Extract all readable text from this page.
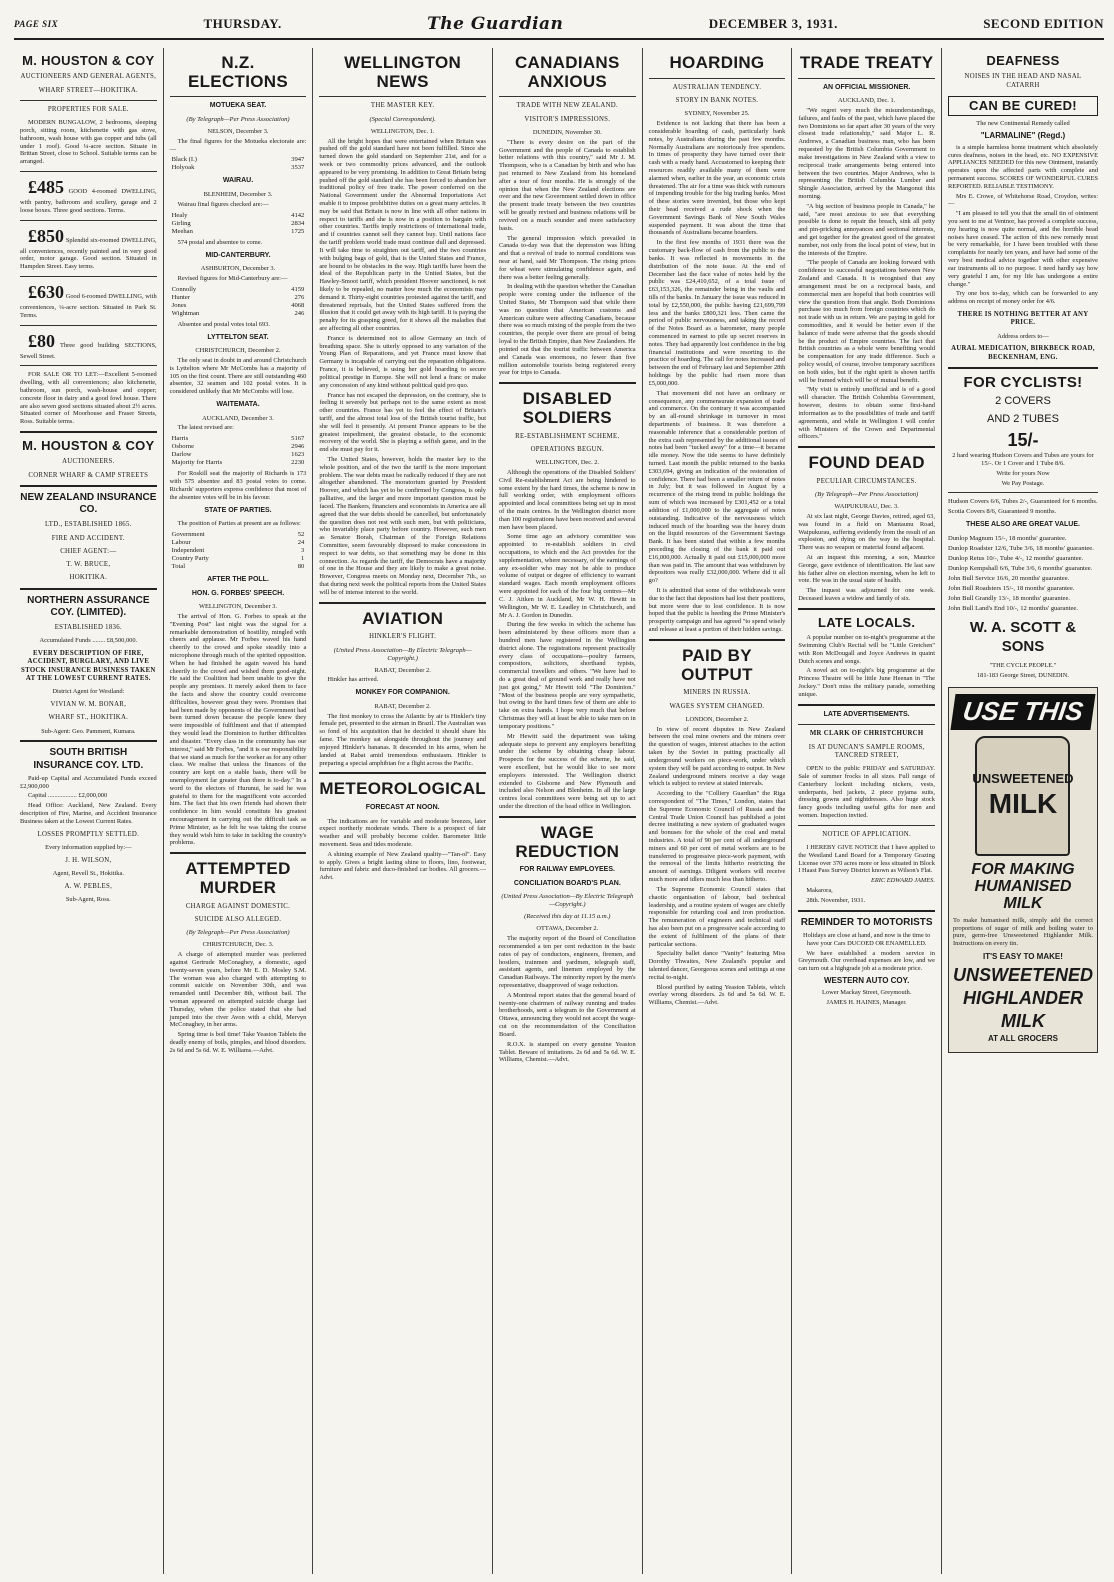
PAGE SIX	THURSDAY.	The Guardian	DECEMBER 3, 1931.	SECOND EDITION
M. HOUSTON & COY
AUCTIONEERS AND GENERAL AGENTS,
WHARF STREET—HOKITIKA.
PROPERTIES FOR SALE.

MODERN BUNGALOW, 2 bedrooms, sleeping porch, sitting room, kitchenette with gas stove, bathroom, wash house with gas copper and tubs (all under 1 roof). Good ¼-acre section. Situate in Brittan Street, close to School. Suitable terms can be arranged.

£485 GOOD 4-roomed DWELLING, with pantry, bathroom and scullery, garage and 2 loose boxes. Three good sections. Terms.

£850 Splendid six-roomed DWELLING, all conveniences, recently painted and in very good order, motor garage. Good section. Situated in Hampden Street. Easy terms.

£630 Good 6-roomed DWELLING, with conveniences, ¼-acre section. Situated in Park St. Terms.

£80 Three good building SECTIONS, Sewell Street.

FOR SALE OR TO LET:—Excellent 5-roomed dwelling, with all conveniences; also kitchenette, bathroom, sun porch, wash-house and copper; concrete floor in dairy and a good fowl house. There are also seven good sections situated about 2½ acres. Situated corner of Moorhouse and Fraser Streets, Ross. Suitable terms.

M. HOUSTON & COY
AUCTIONEERS.
CORNER WHARF & CAMP STREETS
NEW ZEALAND INSURANCE CO.
LTD., ESTABLISHED 1865.
FIRE AND ACCIDENT.
CHIEF AGENT:—
T. W. BRUCE,
HOKITIKA.
NORTHERN ASSURANCE COY. (LIMITED).
ESTABLISHED 1836.

Accumulated Funds ........ £8,500,000.

EVERY DESCRIPTION OF FIRE, ACCIDENT, BURGLARY, AND LIVE STOCK INSURANCE BUSINESS TAKEN AT THE LOWEST CURRENT RATES.

District Agent for Westland:

VIVIAN W. M. BONAR,
WHARF ST., HOKITIKA.

Sub-Agent: Geo. Pamment, Kumara.

SOUTH BRITISH INSURANCE COY. LTD.

Paid-up Capital and Accumulated Funds exceed £2,900,000

Capital .................. £2,000,000

Head Office: Auckland, New Zealand. Every description of Fire, Marine, and Accident Insurance Business taken at the Lowest Current Rates.

LOSSES PROMPTLY SETTLED.

Every information supplied by:—

J. H. WILSON,

Agent, Revell St., Hokitika.

A. W. PEBLES,

Sub-Agent, Ross.

N.Z. ELECTIONS
MOTUEKA SEAT.
(By Telegraph—Per Press Association)

NELSON, December 3.

The final figures for the Motueka electorate are:—

Black (I.)	3947
Holyoak	3537
WAIRAU.

BLENHEIM, December 3.

Wairau final figures checked are:—

Healy	4142
Girling	2834
Meehan	1725

574 postal and absentee to come.

MID-CANTERBURY.

ASHBURTON, December 3.

Revised figures for Mid-Canterbury are:—

Connolly	4159
Hunter	276
Jones	4068
Wightman	246

Absentee and postal votes total 693.

LYTTELTON SEAT.

CHRISTCHURCH, December 2.

The only seat in doubt in and around Christchurch is Lyttelton where Mr McCombs has a majority of 105 on the first count. There are still outstanding 460 absentee, 32 seamen and 102 postal votes. It is considered unlikely that Mr McCombs will lose.

WAITEMATA.

AUCKLAND, December 3.

The latest revised are:

Harris	5167
Osborne	2946
Darlow	1623
Majority for Harris	2230

For Roskill seat the majority of Richards is 173 with 575 absentee and 83 postal votes to come. Richards' supporters express confidence that most of the absentee votes will be in his favour.

STATE OF PARTIES.

The position of Parties at present are as follows:

Government	52
Labour	24
Independent	3
Country Party	1
Total	80
AFTER THE POLL.
HON. G. FORBES' SPEECH.

WELLINGTON, December 3.

The arrival of Hon. G. Forbes to speak at the "Evening Post" last night was the signal for a remarkable demonstration of hostility, mingled with cheers and applause. Mr Forbes waved his hand cheerily to the crowd and spoke steadily into a microphone through much of the spirited opposition. When he had finished he again waved his hand cheerily to the crowd and wished them good-night. He said the Coalition had been unable to give the people any promises. It merely asked them to face the facts and show the country could overcome difficulties, however great they were. Promises that had been made by opponents of the Government had been turned down because the people knew they were impossible of fulfilment and that if attempted they would lead the Dominion to further difficulties and disaster. "Every class in the community has our interest," said Mr Forbes, "and it is our responsibility that we stand as much for the worker as for any other class. We realise that unless the finances of the country are kept on a stable basis, there will be unemployment far greater than there is to-day." In a word to the electors of Hurunui, he said he was grateful to them for the magnificent vote accorded him. The fact that his own friends had shown their confidence in him would constitute his greatest encouragement in carrying out the difficult task as Prime Minister, as he felt he was taking the course they would wish him to take in tackling the country's problems.

ATTEMPTED MURDER
CHARGE AGAINST DOMESTIC.
SUICIDE ALSO ALLEGED.
(By Telegraph—Per Press Association)

CHRISTCHURCH, Dec. 3.

A charge of attempted murder was preferred against Gertrude McConaghey, a domestic, aged twenty-seven years, before Mr E. D. Mosley S.M. The woman was also charged with attempting to commit suicide on November 30th, and was remanded until December 8th, without bail. The woman appeared on attempted suicide charge last Thursday, when the police stated that she had jumped into the river Avon with a child, Mervyn McConaghey, in her arms.

Spring time is boil time! Take Yeaston Tablets the deadly enemy of boils, pimples, and blood disorders. 2s 6d and 5s 6d. W. E. Williams.—Advt.

WELLINGTON NEWS
THE MASTER KEY.
(Special Correspondent).

WELLINGTON, Dec. 1.

All the bright hopes that were entertained when Britain was pushed off the gold standard have not been fulfilled. Since she turned down the gold standard on September 21st, and for a week or two commodity prices advanced, and the outlook appeared to be very promising. In addition to Great Britain being pushed off the gold standard she has been forced to abandon her traditional policy of free trade. The power conferred on the National Government under the Abnormal Importations Act enable it to impose prohibitive duties on a great many articles. It may be said that Britain is now in line with all other nations in respect to tariffs and she is now in a position to bargain with other countries. Tariffs imply restrictions of international trade, and if countries cannot sell they cannot buy. Until nations face the tariff problem world trade must continue dull and depressed. It will take time to straighten out tariff, and the two countries with bulging bags of gold, that is the United States and France, are bound to be obstacles in the way. High tariffs have been the ideal of the Republican party in the United States, but the Hawley-Smoot tariff, which president Hoover sanctioned, is not likely to be repealed, no matter how much the economists may demand it. Thirty-eight countries protested against the tariff, and threatened reprisals, but the United States suffered from the illusion that it could get away with its high tariff. It is paying the penalty for its grasping greed, for it shows all the maladies that are affecting all other countries.

France is determined not to allow Germany an inch of breathing space. She is utterly opposed to any variation of the Young Plan of Reparations, and yet France must know that Germany is incapable of carrying out the reparation obligations. France, it is believed, is using her gold hoarding to secure political prestige in Europe. She will not lend a franc or make any concession of any kind without political quid pro quo.

France has not escaped the depression, on the contrary, she is feeling it severely but perhaps not to the same extent as most other countries. France has yet to feel the effect of Britain's tariff, and the almost total loss of the British tourist traffic, but she will feel it presently. At present France appears to be the greatest impediment, the greatest obstacle, to the economic recovery of the world. She is playing a selfish game, and in the end she must pay for it.

The United States, however, holds the master key to the whole position, and of the two the tariff is the more important problem. The war debts must be radically reduced if they are not altogether abandoned. The moratorium granted by President Hoover, and which has yet to be confirmed by Congress, is only palliative, and the larger and more important question must be faced. The Bankers, financiers and economists in America are all agreed that the war debts should be cancelled, but unfortunately the question does not rest with such men, but with politicians, who invariably place party before country. However, such men as Senator Borah, Chairman of the Foreign Relations Committee, seem favourably disposed to make concessions in respect to war debts, so that something may be done in this connection. As regards the tariff, the Democrats have a majority of one in the House and they are likely to make a great noise. However, Congress meets on Monday next, December 7th., so that during next week the political reports from the United States will be of intense interest to the world.

AVIATION
HINKLER'S FLIGHT.
(United Press Association—By Electric Telegraph—Copyright.)

RABAT, December 2.

Hinkler has arrived.

MONKEY FOR COMPANION.

RABAT, December 2.

The first monkey to cross the Atlantic by air is Hinkler's tiny female pet, presented to the airman in Brazil. The Australian was so fond of his acquisition that he decided it should share his fame. The monkey sat alongside throughout the journey and enjoyed Hinkler's bananas. It descended in his arms, when he landed at Rabat amid tremendous enthusiasm. Hinkler is preparing a special amphibian for a flight across the Pacific.

METEOROLOGICAL
FORECAST AT NOON.

The indications are for variable and moderate breezes, later expect northerly moderate winds. There is a prospect of fair weather and will probably become colder. Barometer little movement. Seas and tides moderate.

A shining example of New Zealand quality—"Tan-ol". Easy to apply. Gives a bright lasting shine to floors, lino, footwear, furniture and fabric and duco-finished car bodies. All grocers.—Advt.

CANADIANS ANXIOUS
TRADE WITH NEW ZEALAND.
VISITOR'S IMPRESSIONS.

DUNEDIN, November 30.

"There is every desire on the part of the Government and the people of Canada to establish better relations with this country," said Mr J. M. Thompson, who is a Canadian by birth and who has just returned to New Zealand from his homeland after a tour of four months. He is strongly of the opinion that when the New Zealand elections are over and the new Government settled down in office the present trade treaty between the two countries will be greatly revised and business relations will be revived on a much sounder and more satisfactory basis.

The general impression which prevailed in Canada to-day was that the depression was lifting and that a revival of trade to normal conditions was near at hand, said Mr Thompson. The rising prices for wheat were stimulating confidence again, and there was a better feeling generally.

In dealing with the question whether the Canadian people were coming under the influence of the United States, Mr Thompson said that while there was no question that American customs and American culture were affecting Canadians, because there was so much mixing of the people from the two countries, the people over there are proud of being loyal to the British Empire, than New Zealanders. He pointed out that the tourist traffic between America and Canada was enormous, no fewer than five million automobile tourists being registered every year for trips to Canada.

DISABLED SOLDIERS
RE-ESTABLISHMENT SCHEME.
OPERATIONS BEGUN.

WELLINGTON, Dec. 2.

Although the operations of the Disabled Soldiers' Civil Re-establishment Act are being hindered to some extent by the hard times, the scheme is now in full working order, with employment officers appointed and local committees being set up in most of the main centres. In the Wellington district more than 100 registrations have been received and several men have been placed.

Some time ago an advisory committee was appointed to re-establish soldiers in civil occupations, to which end the Act provides for the supplementation, where necessary, of the earnings of any ex-soldier who may not be able to produce volume of output or degree of efficiency to warrant standard wages. Each month employment officers were appointed for each of the four big centres—Mr C. J. Aitken in Auckland, Mr W. H. Hewitt in Wellington, Mr W. E. Leadley in Christchurch, and Mr A. J. Gordon in Dunedin.

During the few weeks in which the scheme has been administered by these officers more than a hundred men have registered in the Wellington district alone. The registrations represent practically every class of occupations—poultry farmers, compositors, solicitors, shorthand typists, commercial travellers and others. "We have had to do a great deal of ground work and really have not just got going," Mr Hewitt told "The Dominion." "Most of the business people are very sympathetic, but owing to the hard times few of them are able to take on extra hands. I hope very much that before Christmas they will at least be able to take men on in temporary positions."

Mr Hewitt said the department was taking adequate steps to prevent any employers benefiting under the scheme by obtaining cheap labour. Prospects for the success of the scheme, he said, were excellent, but he would like to see more employers interested. The Wellington district extended to Gisborne and New Plymouth and included also Nelson and Blenheim. In all the large centres local committees were being set up to act under the direction of the head office in Wellington.

WAGE REDUCTION
FOR RAILWAY EMPLOYEES.
CONCILIATION BOARD'S PLAN.
(United Press Association—By Electric Telegraph—Copyright.)
(Received this day at 11.15 a.m.)

OTTAWA, December 2.

The majority report of the Board of Conciliation recommended a ten per cent reduction in the basic rates of pay of conductors, engineers, firemen, and hostlers, trainmen and yardmen, telegraph staff, assistant agents, and linemen employed by the Canadian Railways. The minority report by the men's representative, disapproved of wage reduction.

A Montreal report states that the general board of twenty-one chairmen of railway running and trades brotherhoods, sent a telegram to the Government at Ottawa, announcing they would not accept the wage-cut on the recommendation of the Conciliation Board.

R.O.X. is stamped on every genuine Yeaston Tablet. Beware of imitations. 2s 6d and 5s 6d. W. E. Williams, Chemist.—Advt.

HOARDING
AUSTRALIAN TENDENCY.
STORY IN BANK NOTES.

SYDNEY, November 25.

Evidence is not lacking that there has been a considerable hoarding of cash, particularly bank notes, by Australians during the past few months. Normally Australians are notoriously free spenders. In times of prosperity they have turned over their cash with a ready hand. Accustomed to keeping their resources readily available many of them were alarmed when, earlier in the year, an economic crisis threatened. The air for a time was thick with rumours of impending trouble for the big trading banks. Most of these stories were invented, but those who kept their head received a rude shock when the Government Savings Bank of New South Wales suspended payment. It was about the time that thousands of Australians became hoarders.

In the first few months of 1931 there was the customary back-flow of cash from the public to the banks. It was reflected in movements in the distribution of the note issue. At the end of December last the face value of notes held by the public was £24,410,652, of a total issue of £63,153,326, the remainder being in the vaults and tills of the banks. In January the issue was reduced in total by £2,550,000, the public having £21,699,799 less and the banks £800,321 less. Then came the period of public nervousness, and taking the record of the Notes Board as a barometer, many people commenced in earnest to pile up secret reserves in notes. They had apparently lost confidence in the big financial institutions and were resorting to the practice of hoarding. The call for notes increased and between the end of February last and September 28th holdings by the public had risen more than £5,000,000.

That movement did not have an ordinary or consequence, any commensurate expansion of trade and commerce. On the contrary it was accompanied by an all-round shrinkage in turnover in most departments of business. It was therefore a reasonable inference that a considerable portion of the extra cash represented by the additional issues of notes had been "tucked away" for a time—it became idle money. Now the tide seems to have definitely turned. Last month the public returned to the banks £303,694, giving an indication of the restoration of confidence. There had been a smaller return of notes in July; but it was followed in August by a recurrence of the rising trend in public holdings the sum of which was increased by £301,452 or a total addition of £1,000,000 to the aggregate of notes outstanding. Indicative of the nervousness which induced much of the hoarding was the heavy drain on the liquid resources of the Government Savings Bank. It has been stated that within a few months preceding the closing of the bank it paid out £16,000,000. Actually it paid out £15,000,000 more than was paid in. The amount that was withdrawn by depositors was really £32,000,000. Where did it all go?

It is admitted that some of the withdrawals were due to the fact that depositors had lost their positions, but more were due to lost confidence. It is now hoped that the public is heeding the Prime Minister's prosperity campaign and has agreed "to spend wisely and release at least a portion of their hidden savings.

PAID BY OUTPUT
MINERS IN RUSSIA.
WAGES SYSTEM CHANGED.

LONDON, December 2.

In view of recent disputes in New Zealand between the coal mine owners and the miners over the question of wages, interest attaches to the action taken by the Soviet in putting practically all underground workers on piece-work, under which system they will be paid according to output. In New Zealand underground miners receive a day wage which is subject to review at stated intervals.

According to the "Colliery Guardian" the Riga correspondent of "The Times," London, states that the Supreme Economic Council of Russia and the Central Trade Union Council has published a joint decree instituting a new system of graduated wages and bonuses for the whole of the coal and metal industries. A total of 90 per cent of all underground miners and 60 per cent of metal workers are to be transferred to progressive piece-work payment, with the removal of the limits hitherto restricting the amount of earnings. Diligent workers will receive much more and idlers much less than hitherto.

The Supreme Economic Council states that chaotic organisation of labour, bad technical leadership, and a routine system of wages are chiefly responsible for retarding coal and iron production. The remuneration of engineers and technical staff has also been put on a progressive scale according to the extent of fulfilment of the plans of their particular sections.

Speciality ballet dance "Vanity" featuring Miss Dorothy Thwaites, New Zealand's popular and talented dancer, Georgeous scenes and settings at one recital to-night.

Blood purified by eating Yeaston Tablets, which overlay wrong disorders. 2s 6d and 5s 6d. W. E. Williams, Chemist.—Advt.

TRADE TREATY
AN OFFICIAL MISSIONER.

AUCKLAND, Dec. 1.

"We regret very much the misunderstandings, failures, and faults of the past, which have placed the two Dominions so far apart after 30 years of the very closest trade relationship," said Major L. R. Andrews, a Canadian business man, who has been requested by the British Columbia Government to make investigations in New Zealand with a view to reciprocal trade arrangements being entered into between the two countries. Major Andrews, who is representing the British Columbia Lumber and Shingle Association, arrived by the Mangonui this morning.

"A big section of business people in Canada," he said, "are most anxious to see that everything possible is done to repair the breach, sink all petty and pin-pricking annoyances and sectional interests, and get together for the greatest good of the greatest number, not only from the local point of view, but in the interests of the Empire.

"The people of Canada are looking forward with confidence to successful negotiations between New Zealand and Canada. It is recognised that any arrangement must be on a reciprocal basis, and commercial men are hopeful that both countries will view the question from that angle. Both Dominions purchase too much from foreign countries which do not trade with us in return. We are paying in gold for commodities, and it would be better even if the balance of trade were adverse that the goods should be the product of Empire countries. The fact that British countries as a whole were benefiting would be compensation for any trade difference. Such a policy would, of course, involve temporary sacrifices on both sides, but if the right spirit is shown tariffs will be framed which will be of mutual benefit.

"My visit is entirely unofficial and is of a good will character. The British Columbia Government, however, desires to obtain some first-hand information as to the possibilities of trade and tariff agreements, and while in Wellington I will confer with Ministers of the Crown and Departmental officers."

FOUND DEAD
PECULIAR CIRCUMSTANCES.
(By Telegraph—Per Press Association)

WAIPUKURAU, Dec. 3.

At six last night, George Davies, retired, aged 63, was found in a field on Mantaunu Road, Waipukurau, suffering evidently from the result of an explosion, and dying on the way to the hospital. There was no weapon or material found adjacent.

At an inquest this morning, a son, Maurice George, gave evidence of identification. He last saw his father alive on election morning, when he left to vote. He was in the usual state of health.

The inquest was adjourned for one week. Deceased leaves a widow and family of six.

LATE LOCALS.

A popular number on to-night's programme at the Swimming Club's Recital will be "Little Gretchen" with Ron McDougall and Joyce Andrews in quaint Dutch scenes and songs.

A novel act on to-night's big programme at the Princess Theatre will be little June Heenan in "The Jockey." Don't miss the military parade, something unique.

LATE ADVERTISEMENTS.
MR CLARK OF CHRISTCHURCH
IS AT DUNCAN'S SAMPLE ROOMS, TANCRED STREET,

OPEN to the public FRIDAY and SATURDAY. Sale of summer frocks in all sizes. Full range of Canterbury locknit including nickers, vests, underpants, bed jackets, 2 piece pyjama suits, dressing gowns and nightdresses. Also huge stock fancy goods including useful gifts for men and women. Inspection invited.

NOTICE OF APPLICATION.

I HEREBY GIVE NOTICE that I have applied to the Westland Land Board for a Temporary Grazing License over 370 acres more or less situated in Block I Haast Pass Survey District known as Wilson's Flat.

ERIC EDWARD JAMES.

Makarora,

28th. November, 1931.

REMINDER TO MOTORISTS

Holidays are close at hand, and now is the time to have your Cars DUCOED OR ENAMELLED.

We have established a modern service in Greymouth. Our overhead expenses are low, and we can turn out a highgrade job at a moderate price.

WESTERN AUTO COY.

Lower Mackay Street, Greymouth.

JAMES H. HAINES, Manager.

DEAFNESS
NOISES IN THE HEAD AND NASAL CATARRH
CAN BE CURED!

The new Continental Remedy called

"LARMALINE" (Regd.)

is a simple harmless home treatment which absolutely cures deafness, noises in the head, etc. NO EXPENSIVE APPLIANCES NEEDED for this new Ointment, instantly operates upon the affected parts with complete and permanent success. SCORES OF WONDERFUL CURES REPORTED. RELIABLE TESTIMONY.

Mrs E. Crowe, of Whitehorse Road, Croydon, writes:—

"I am pleased to tell you that the small tin of ointment you sent to me at Ventnor, has proved a complete success, my hearing is now quite normal, and the horrible head noises have ceased. The action of this new remedy must be very remarkable, for I have been troubled with these complaints for nearly ten years, and have had some of the very best medical advice together with other expensive ear instruments all to no purpose. I need hardly say how very grateful I am, for my life has undergone a entire change."

Try one box to-day, which can be forwarded to any address on receipt of money order for 4/6.

THERE IS NOTHING BETTER AT ANY PRICE.

Address orders to—

AURAL MEDICATION, BIRKBECK ROAD, BECKENHAM, ENG.
FOR CYCLISTS!
2 COVERS
AND 2 TUBES
15/-

2 hard wearing Hudson Covers and Tubes are yours for 15/-. Or 1 Cover and 1 Tube 8/6.

Write for yours Now

We Pay Postage.

Hudson Covers 6/6, Tubes 2/-, Guaranteed for 6 months.

Scotia Covers 8/6, Guaranteed 9 months.

THESE ALSO ARE GREAT VALUE.

Dunlop Magnum 15/-, 18 months' guarantee.

Dunlop Roadster 12/6, Tube 3/6, 18 months' guarantee.

Dunlop Retus 10/-, Tube 4/-, 12 months' guarantee.

Dunlop Kempshall 6/6, Tube 3/6, 6 months' guarantee.

John Bull Service 16/6, 20 months' guarantee.

John Bull Roadsters 15/-, 18 months' guarantee.

John Bull Grandly 13/-, 18 months' guarantee.

John Bull Land's End 10/-, 12 months' guarantee.

W. A. SCOTT & SONS

"THE CYCLE PEOPLE."

181-183 George Street, DUNEDIN.

USE THIS
UNSWEETENED
MILK
FOR MAKING HUMANISED MILK
To make humanised milk, simply add the correct proportions of sugar of milk and boiling water to pure, germ-free Unsweetened Highlander Milk. Instructions on every tin.
IT'S EASY TO MAKE!
UNSWEETENED
HIGHLANDER
MILK
AT ALL GROCERS
